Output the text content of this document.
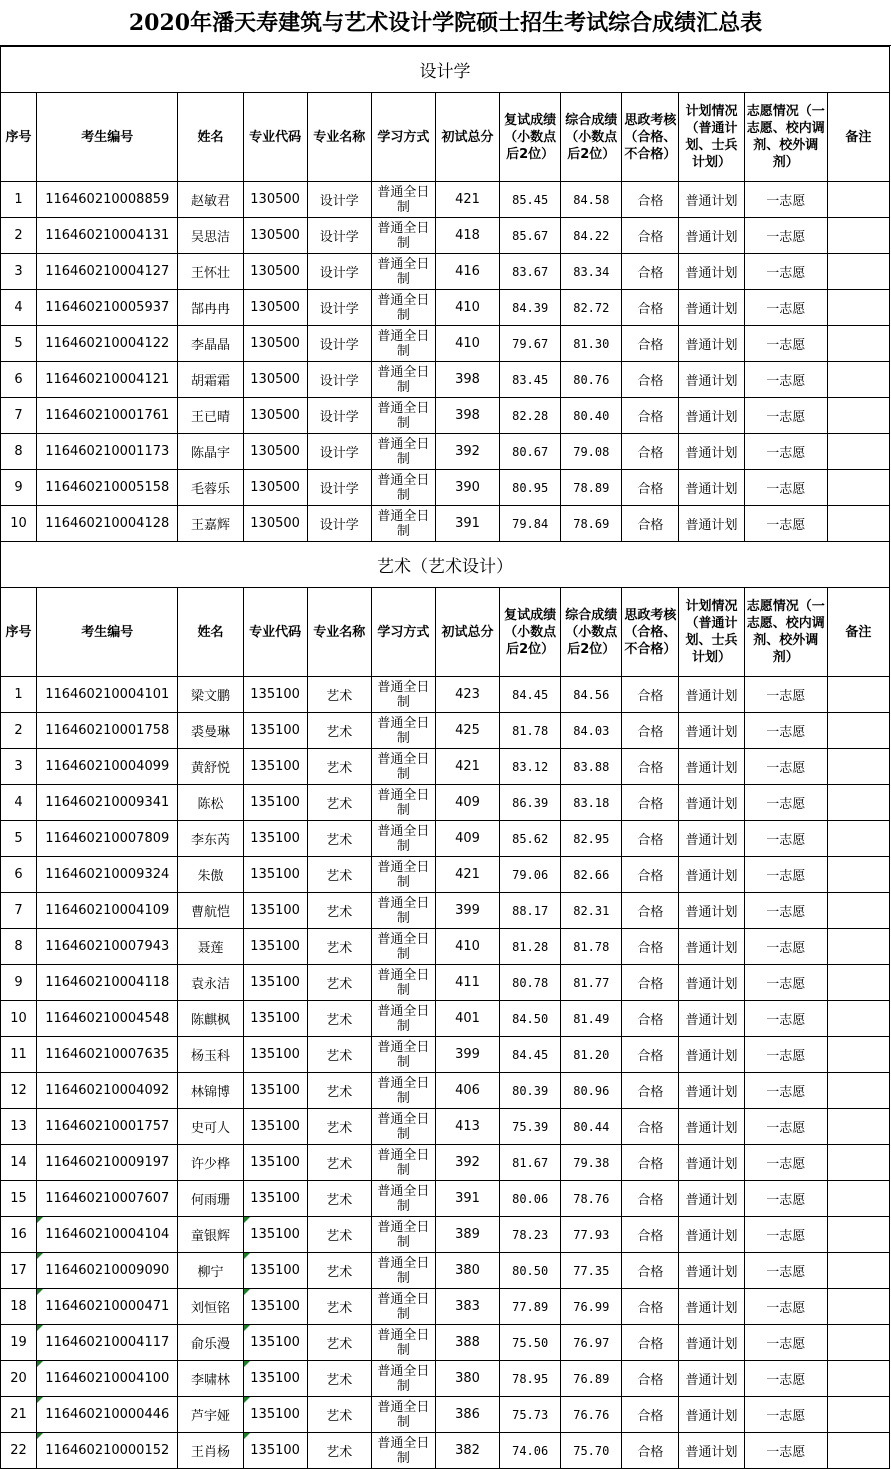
2020年潘天寿建筑与艺术设计学院硕士招生考试综合成绩汇总表
设计学												
序号	考生编号	姓名	专业代码	专业名称	学习方式	初试总分	复试成绩（小数点后2位）	综合成绩（小数点后2位）	思政考核（合格、不合格）	计划情况（普通计划、士兵计划）	志愿情况（一志愿、校内调剂、校外调剂）	备注
1	116460210008859	赵敏君	130500	设计学	普通全日制	421	85.45	84.58	合格	普通计划	一志愿	
2	116460210004131	吴思洁	130500	设计学	普通全日制	418	85.67	84.22	合格	普通计划	一志愿	
3	116460210004127	王怀壮	130500	设计学	普通全日制	416	83.67	83.34	合格	普通计划	一志愿	
4	116460210005937	郜冉冉	130500	设计学	普通全日制	410	84.39	82.72	合格	普通计划	一志愿	
5	116460210004122	李晶晶	130500	设计学	普通全日制	410	79.67	81.30	合格	普通计划	一志愿	
6	116460210004121	胡霜霜	130500	设计学	普通全日制	398	83.45	80.76	合格	普通计划	一志愿	
7	116460210001761	王已晴	130500	设计学	普通全日制	398	82.28	80.40	合格	普通计划	一志愿	
8	116460210001173	陈晶宇	130500	设计学	普通全日制	392	80.67	79.08	合格	普通计划	一志愿	
9	116460210005158	毛蓉乐	130500	设计学	普通全日制	390	80.95	78.89	合格	普通计划	一志愿	
10	116460210004128	王嘉辉	130500	设计学	普通全日制	391	79.84	78.69	合格	普通计划	一志愿	
艺术（艺术设计）												
序号	考生编号	姓名	专业代码	专业名称	学习方式	初试总分	复试成绩（小数点后2位）	综合成绩（小数点后2位）	思政考核（合格、不合格）	计划情况（普通计划、士兵计划）	志愿情况（一志愿、校内调剂、校外调剂）	备注
1	116460210004101	梁文鹏	135100	艺术	普通全日制	423	84.45	84.56	合格	普通计划	一志愿	
2	116460210001758	裘曼琳	135100	艺术	普通全日制	425	81.78	84.03	合格	普通计划	一志愿	
3	116460210004099	黄舒悦	135100	艺术	普通全日制	421	83.12	83.88	合格	普通计划	一志愿	
4	116460210009341	陈松	135100	艺术	普通全日制	409	86.39	83.18	合格	普通计划	一志愿	
5	116460210007809	李东芮	135100	艺术	普通全日制	409	85.62	82.95	合格	普通计划	一志愿	
6	116460210009324	朱傲	135100	艺术	普通全日制	421	79.06	82.66	合格	普通计划	一志愿	
7	116460210004109	曹航恺	135100	艺术	普通全日制	399	88.17	82.31	合格	普通计划	一志愿	
8	116460210007943	聂莲	135100	艺术	普通全日制	410	81.28	81.78	合格	普通计划	一志愿	
9	116460210004118	袁永洁	135100	艺术	普通全日制	411	80.78	81.77	合格	普通计划	一志愿	
10	116460210004548	陈麒枫	135100	艺术	普通全日制	401	84.50	81.49	合格	普通计划	一志愿	
11	116460210007635	杨玉科	135100	艺术	普通全日制	399	84.45	81.20	合格	普通计划	一志愿	
12	116460210004092	林锦博	135100	艺术	普通全日制	406	80.39	80.96	合格	普通计划	一志愿	
13	116460210001757	史可人	135100	艺术	普通全日制	413	75.39	80.44	合格	普通计划	一志愿	
14	116460210009197	许少桦	135100	艺术	普通全日制	392	81.67	79.38	合格	普通计划	一志愿	
15	116460210007607	何雨珊	135100	艺术	普通全日制	391	80.06	78.76	合格	普通计划	一志愿	
16	116460210004104	童银辉	135100	艺术	普通全日制	389	78.23	77.93	合格	普通计划	一志愿	
17	116460210009090	柳宁	135100	艺术	普通全日制	380	80.50	77.35	合格	普通计划	一志愿	
18	116460210000471	刘恒铭	135100	艺术	普通全日制	383	77.89	76.99	合格	普通计划	一志愿	
19	116460210004117	俞乐漫	135100	艺术	普通全日制	388	75.50	76.97	合格	普通计划	一志愿	
20	116460210004100	李啸林	135100	艺术	普通全日制	380	78.95	76.89	合格	普通计划	一志愿	
21	116460210000446	芦宇娅	135100	艺术	普通全日制	386	75.73	76.76	合格	普通计划	一志愿	
22	116460210000152	王肖杨	135100	艺术	普通全日制	382	74.06	75.70	合格	普通计划	一志愿	
